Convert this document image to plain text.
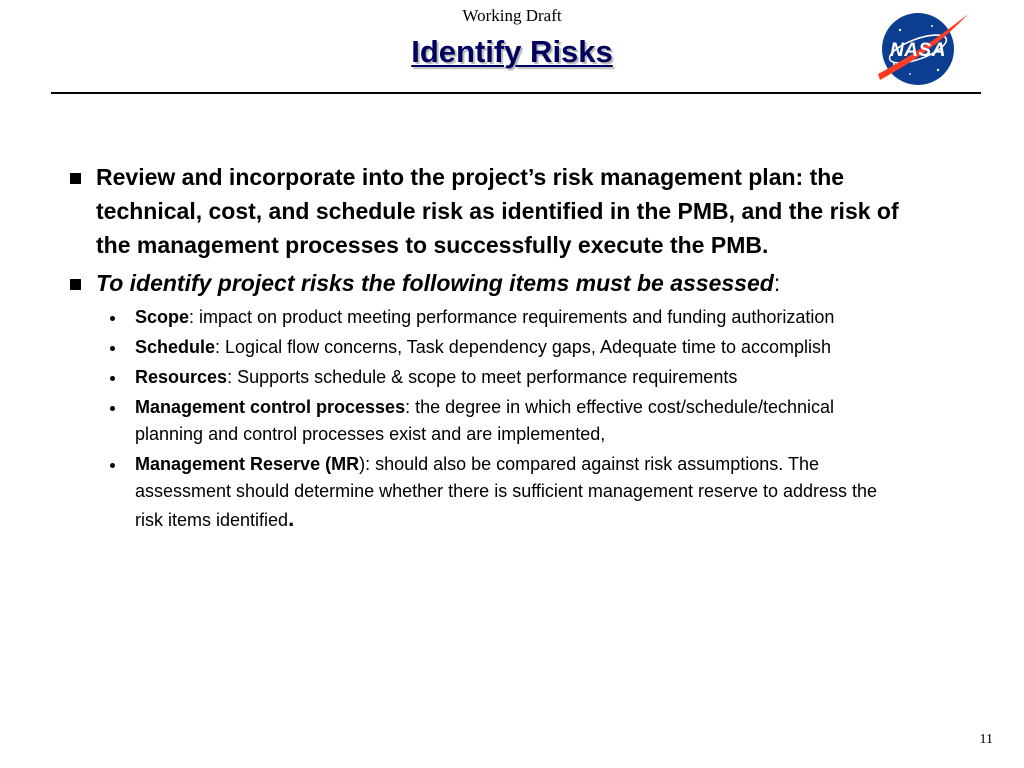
Working Draft
Identify Risks	NASA
Review and incorporate into the project’s risk management plan: the technical, cost, and schedule risk as identified in the PMB, and the risk of the management processes to successfully execute the PMB.
To identify project risks the following items must be assessed:
Scope: impact on product meeting performance requirements and funding authorization
Schedule: Logical flow concerns, Task dependency gaps, Adequate time to accomplish
Resources: Supports schedule & scope to meet performance requirements
Management control processes: the degree in which effective cost/schedule/technical planning and control processes exist and are implemented,
Management Reserve (MR): should also be compared against risk assumptions. The assessment should determine whether there is sufficient management reserve to address the risk items identified.
11
